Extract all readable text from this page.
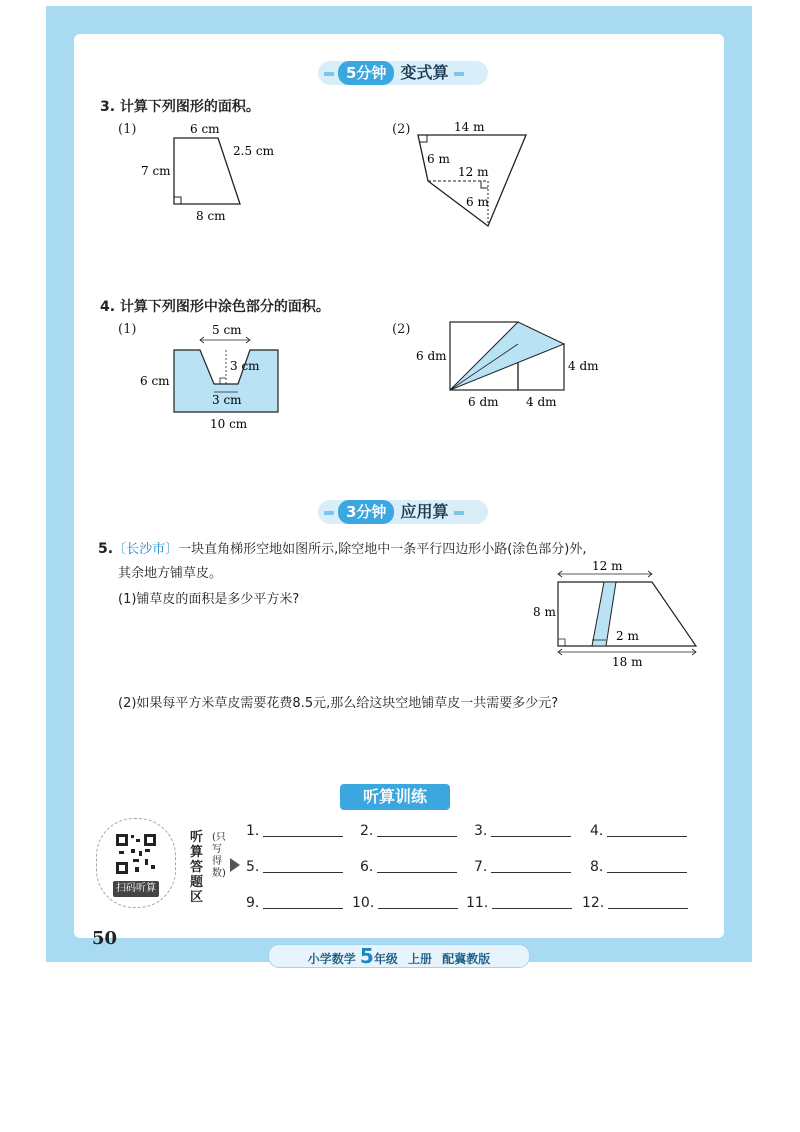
5分钟 变式算
3. 计算下列图形的面积。
(1)	(2)
6 cm
2.5 cm
7 cm
8 cm
14 m
6 m
12 m
6 m
4. 计算下列图形中涂色部分的面积。
(1)	(2)
5 cm
3 cm
3 cm
6 cm
10 cm
6 dm
4 dm
6 dm 4 dm
3分钟 应用算
5.〔长沙市〕一块直角梯形空地如图所示,除空地中一条平行四边形小路(涂色部分)外,
其余地方铺草皮。
(1)铺草皮的面积是多少平方米?
12 m
8 m
2 m
18 m
(2)如果每平方米草皮需要花费8.5元,那么给这块空地铺草皮一共需要多少元?
听算训练
扫码听算
听算答题区
(只写得数)
1.	2.	3.	4.
5.	6.	7.	8.
9.	10.	11.	12.
50
小学数学 5年级 上册 配冀教版
